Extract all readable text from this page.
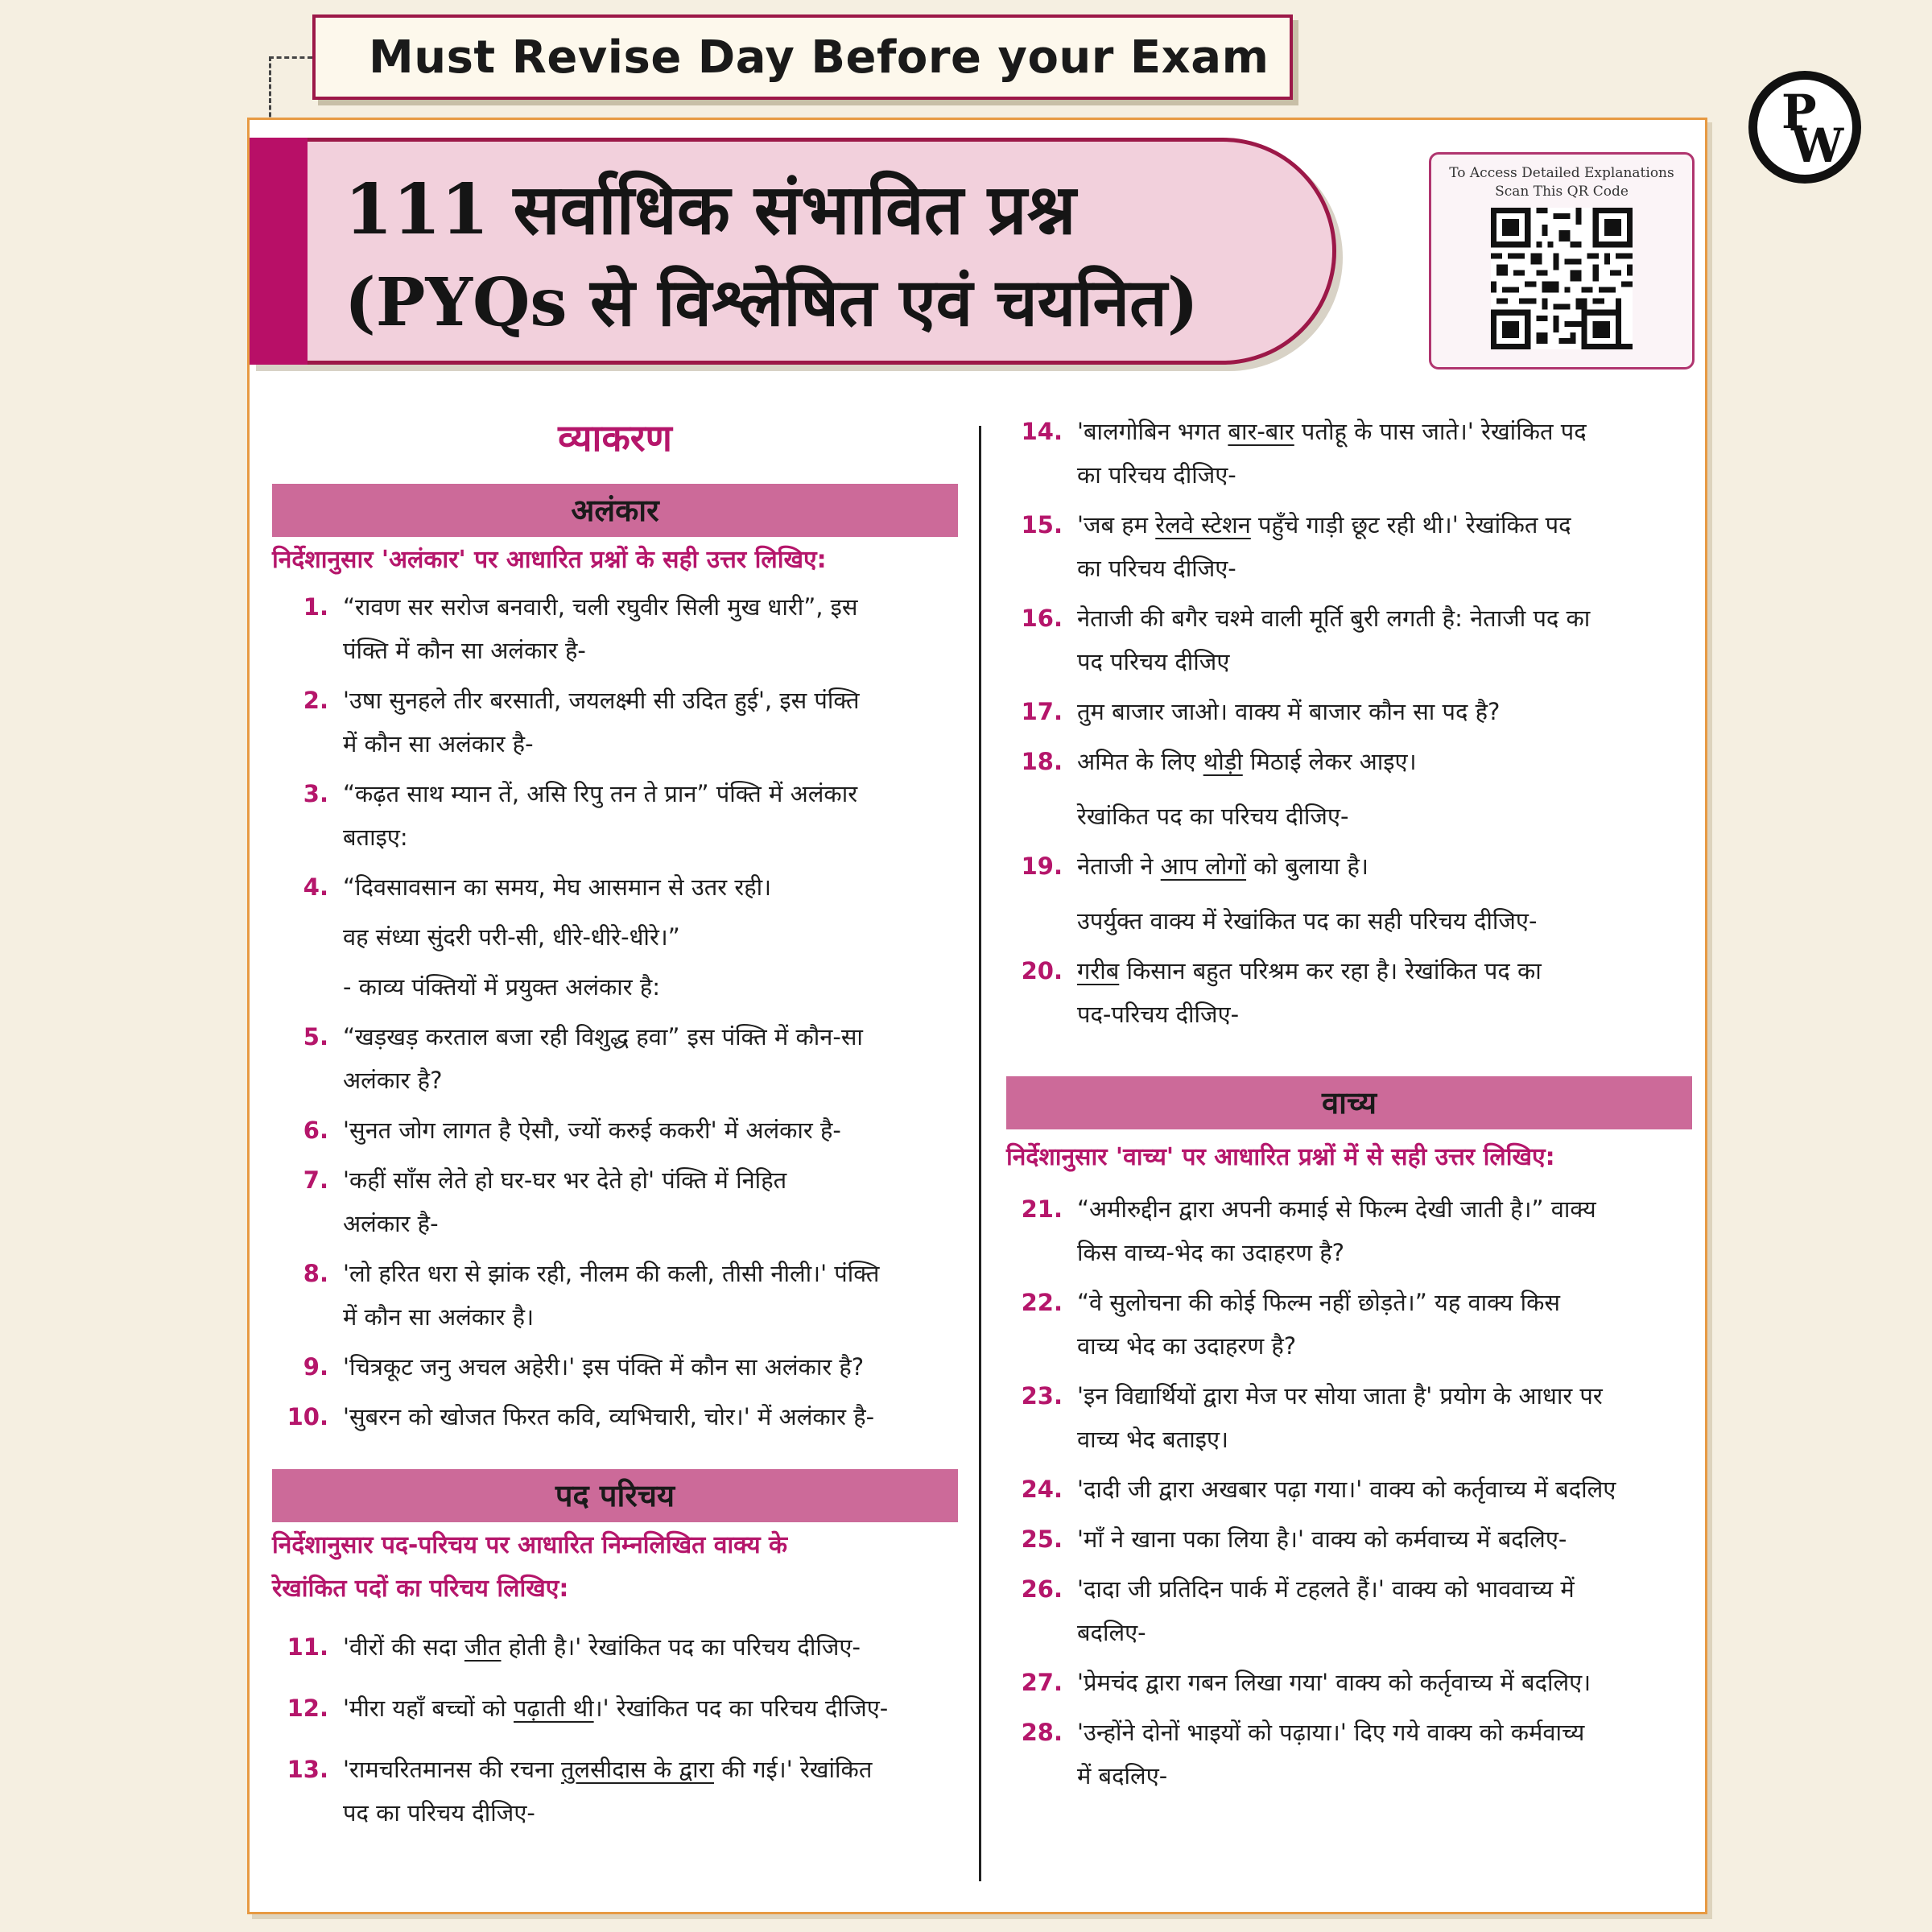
Must Revise Day Before your Exam
P
W
111 सर्वाधिक संभावित प्रश्न
(PYQs से विश्लेषित एवं चयनित)
To Access Detailed Explanations
Scan This QR Code
व्याकरण
अलंकार
निर्देशानुसार 'अलंकार' पर आधारित प्रश्नों के सही उत्तर लिखिए:
1. “रावण सर सरोज बनवारी, चली रघुवीर सिली मुख धारी”, इस
पंक्ति में कौन सा अलंकार है-
2. 'उषा सुनहले तीर बरसाती, जयलक्ष्मी सी उदित हुई', इस पंक्ति
में कौन सा अलंकार है-
3. “कढ़त साथ म्यान तें, असि रिपु तन ते प्रान” पंक्ति में अलंकार
बताइए:
4. “दिवसावसान का समय, मेघ आसमान से उतर रही।
वह संध्या सुंदरी परी-सी, धीरे-धीरे-धीरे।”
- काव्य पंक्तियों में प्रयुक्त अलंकार है:
5. “खड़खड़ करताल बजा रही विशुद्ध हवा” इस पंक्ति में कौन-सा
अलंकार है?
6. 'सुनत जोग लागत है ऐसौ, ज्यों करुई ककरी' में अलंकार है-
7. 'कहीं साँस लेते हो घर-घर भर देते हो' पंक्ति में निहित
अलंकार है-
8. 'लो हरित धरा से झांक रही, नीलम की कली, तीसी नीली।' पंक्ति
में कौन सा अलंकार है।
9. 'चित्रकूट जनु अचल अहेरी।' इस पंक्ति में कौन सा अलंकार है?
10. 'सुबरन को खोजत फिरत कवि, व्यभिचारी, चोर।' में अलंकार है-
पद परिचय
निर्देशानुसार पद-परिचय पर आधारित निम्नलिखित वाक्य के
रेखांकित पदों का परिचय लिखिए:
11. 'वीरों की सदा जीत होती है।' रेखांकित पद का परिचय दीजिए-
12. 'मीरा यहाँ बच्चों को पढ़ाती थी।' रेखांकित पद का परिचय दीजिए-
13. 'रामचरितमानस की रचना तुलसीदास के द्वारा की गई।' रेखांकित
पद का परिचय दीजिए-
14. 'बालगोबिन भगत बार-बार पतोहू के पास जाते।' रेखांकित पद
का परिचय दीजिए-
15. 'जब हम रेलवे स्टेशन पहुँचे गाड़ी छूट रही थी।' रेखांकित पद
का परिचय दीजिए-
16. नेताजी की बगैर चश्मे वाली मूर्ति बुरी लगती है: नेताजी पद का
पद परिचय दीजिए
17. तुम बाजार जाओ। वाक्य में बाजार कौन सा पद है?
18. अमित के लिए थोड़ी मिठाई लेकर आइए।
रेखांकित पद का परिचय दीजिए-
19. नेताजी ने आप लोगों को बुलाया है।
उपर्युक्त वाक्य में रेखांकित पद का सही परिचय दीजिए-
20. गरीब किसान बहुत परिश्रम कर रहा है। रेखांकित पद का
पद-परिचय दीजिए-
वाच्य
निर्देशानुसार 'वाच्य' पर आधारित प्रश्नों में से सही उत्तर लिखिए:
21. “अमीरुद्दीन द्वारा अपनी कमाई से फिल्म देखी जाती है।” वाक्य
किस वाच्य-भेद का उदाहरण है?
22. “वे सुलोचना की कोई फिल्म नहीं छोड़ते।” यह वाक्य किस
वाच्य भेद का उदाहरण है?
23. 'इन विद्यार्थियों द्वारा मेज पर सोया जाता है' प्रयोग के आधार पर
वाच्य भेद बताइए।
24. 'दादी जी द्वारा अखबार पढ़ा गया।' वाक्य को कर्तृवाच्य में बदलिए
25. 'माँ ने खाना पका लिया है।' वाक्य को कर्मवाच्य में बदलिए-
26. 'दादा जी प्रतिदिन पार्क में टहलते हैं।' वाक्य को भाववाच्य में
बदलिए-
27. 'प्रेमचंद द्वारा गबन लिखा गया' वाक्य को कर्तृवाच्य में बदलिए।
28. 'उन्होंने दोनों भाइयों को पढ़ाया।' दिए गये वाक्य को कर्मवाच्य
में बदलिए-
